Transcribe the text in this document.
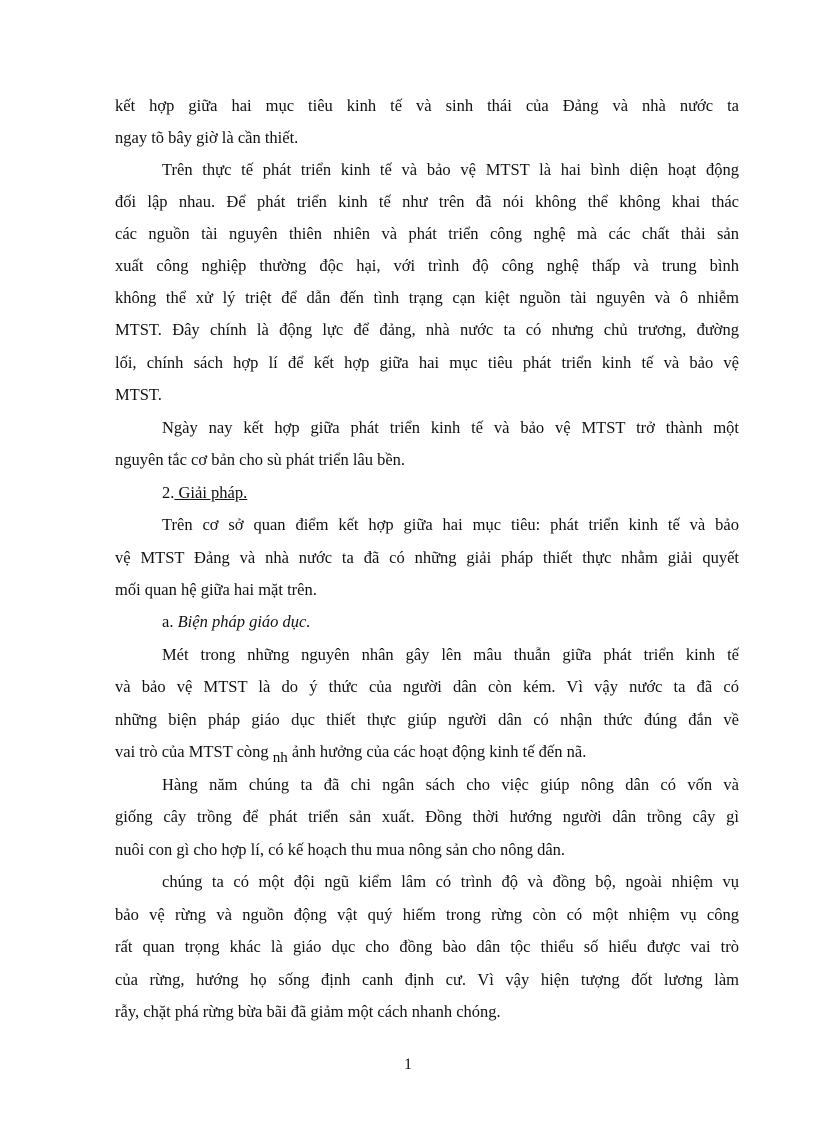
kết hợp giữa hai mục tiêu kinh tế và sinh thái của Đảng và nhà nước ta
ngay tõ bây giờ là cần thiết.
Trên thực tế phát triển kinh tế và bảo vệ MTST là hai bình diện hoạt động
đối lập nhau. Để phát triển kinh tế như trên đã nói không thể không khai thác
các nguồn tài nguyên thiên nhiên và phát triển công nghệ mà các chất thải sản
xuất công nghiệp thường độc hại, với trình độ công nghệ thấp và trung bình
không thể xử lý triệt để dẫn đến tình trạng cạn kiệt nguồn tài nguyên và ô nhiễm
MTST. Đây chính là động lực để đảng, nhà nước ta có nhưng chủ trương, đường
lối, chính sách hợp lí để kết hợp giữa hai mục tiêu phát triển kinh tế và bảo vệ
MTST.
Ngày nay kết hợp giữa phát triển kinh tế và bảo vệ MTST trở thành một
nguyên tắc cơ bản cho sù phát triển lâu bền.
2. Giải pháp.
Trên cơ sở quan điểm kết hợp giữa hai mục tiêu: phát triển kinh tế và bảo
vệ MTST Đảng và nhà nước ta đã có những giải pháp thiết thực nhằm giải quyết
mối quan hệ giữa hai mặt trên.
a. Biện pháp giáo dục.
Mét trong những nguyên nhân gây lên mâu thuẫn giữa phát triển kinh tế
và bảo vệ MTST là do ý thức của người dân còn kém. Vì vậy nước ta đã có
những biện pháp giáo dục thiết thực giúp người dân có nhận thức đúng đắn về
vai trò của MTST còng nh ảnh hưởng của các hoạt động kinh tế đến nã.
Hàng năm chúng ta đã chi ngân sách cho việc giúp nông dân có vốn và
giống cây trồng để phát triển sản xuất. Đồng thời hướng người dân trồng cây gì
nuôi con gì cho hợp lí, có kế hoạch thu mua nông sản cho nông dân.
chúng ta có một đội ngũ kiểm lâm có trình độ và đồng bộ, ngoài nhiệm vụ
bảo vệ rừng và nguồn động vật quý hiếm trong rừng còn có một nhiệm vụ công
rất quan trọng khác là giáo dục cho đồng bào dân tộc thiểu số hiểu được vai trò
của rừng, hướng họ sống định canh định cư. Vì vậy hiện tượng đốt lương làm
rẫy, chặt phá rừng bừa bãi đã giảm một cách nhanh chóng.
1
